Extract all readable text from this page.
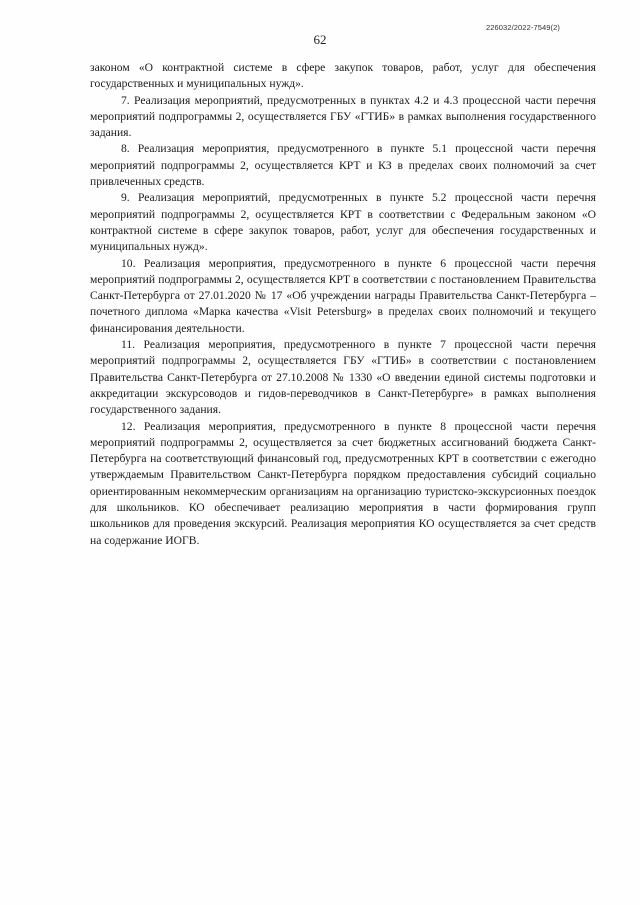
226032/2022-7549(2)
62

законом «О контрактной системе в сфере закупок товаров, работ, услуг для обеспечения государственных и муниципальных нужд».

7. Реализация мероприятий, предусмотренных в пунктах 4.2 и 4.3 процессной части перечня мероприятий подпрограммы 2, осуществляется ГБУ «ГТИБ» в рамках выполнения государственного задания.

8. Реализация мероприятия, предусмотренного в пункте 5.1 процессной части перечня мероприятий подпрограммы 2, осуществляется КРТ и КЗ в пределах своих полномочий за счет привлеченных средств.

9. Реализация мероприятий, предусмотренных в пункте 5.2 процессной части перечня мероприятий подпрограммы 2, осуществляется КРТ в соответствии с Федеральным законом «О контрактной системе в сфере закупок товаров, работ, услуг для обеспечения государственных и муниципальных нужд».

10. Реализация мероприятия, предусмотренного в пункте 6 процессной части перечня мероприятий подпрограммы 2, осуществляется КРТ в соответствии с постановлением Правительства Санкт-Петербурга от 27.01.2020 № 17 «Об учреждении награды Правительства Санкт-Петербурга – почетного диплома «Марка качества «Visit Petersburg» в пределах своих полномочий и текущего финансирования деятельности.

11. Реализация мероприятия, предусмотренного в пункте 7 процессной части перечня мероприятий подпрограммы 2, осуществляется ГБУ «ГТИБ» в соответствии с постановлением Правительства Санкт-Петербурга от 27.10.2008 № 1330 «О введении единой системы подготовки и аккредитации экскурсоводов и гидов-переводчиков в Санкт-Петербурге» в рамках выполнения государственного задания.

12. Реализация мероприятия, предусмотренного в пункте 8 процессной части перечня мероприятий подпрограммы 2, осуществляется за счет бюджетных ассигнований бюджета Санкт-Петербурга на соответствующий финансовый год, предусмотренных КРТ в соответствии с ежегодно утверждаемым Правительством Санкт-Петербурга порядком предоставления субсидий социально ориентированным некоммерческим организациям на организацию туристско-экскурсионных поездок для школьников. КО обеспечивает реализацию мероприятия в части формирования групп школьников для проведения экскурсий. Реализация мероприятия КО осуществляется за счет средств на содержание ИОГВ.
